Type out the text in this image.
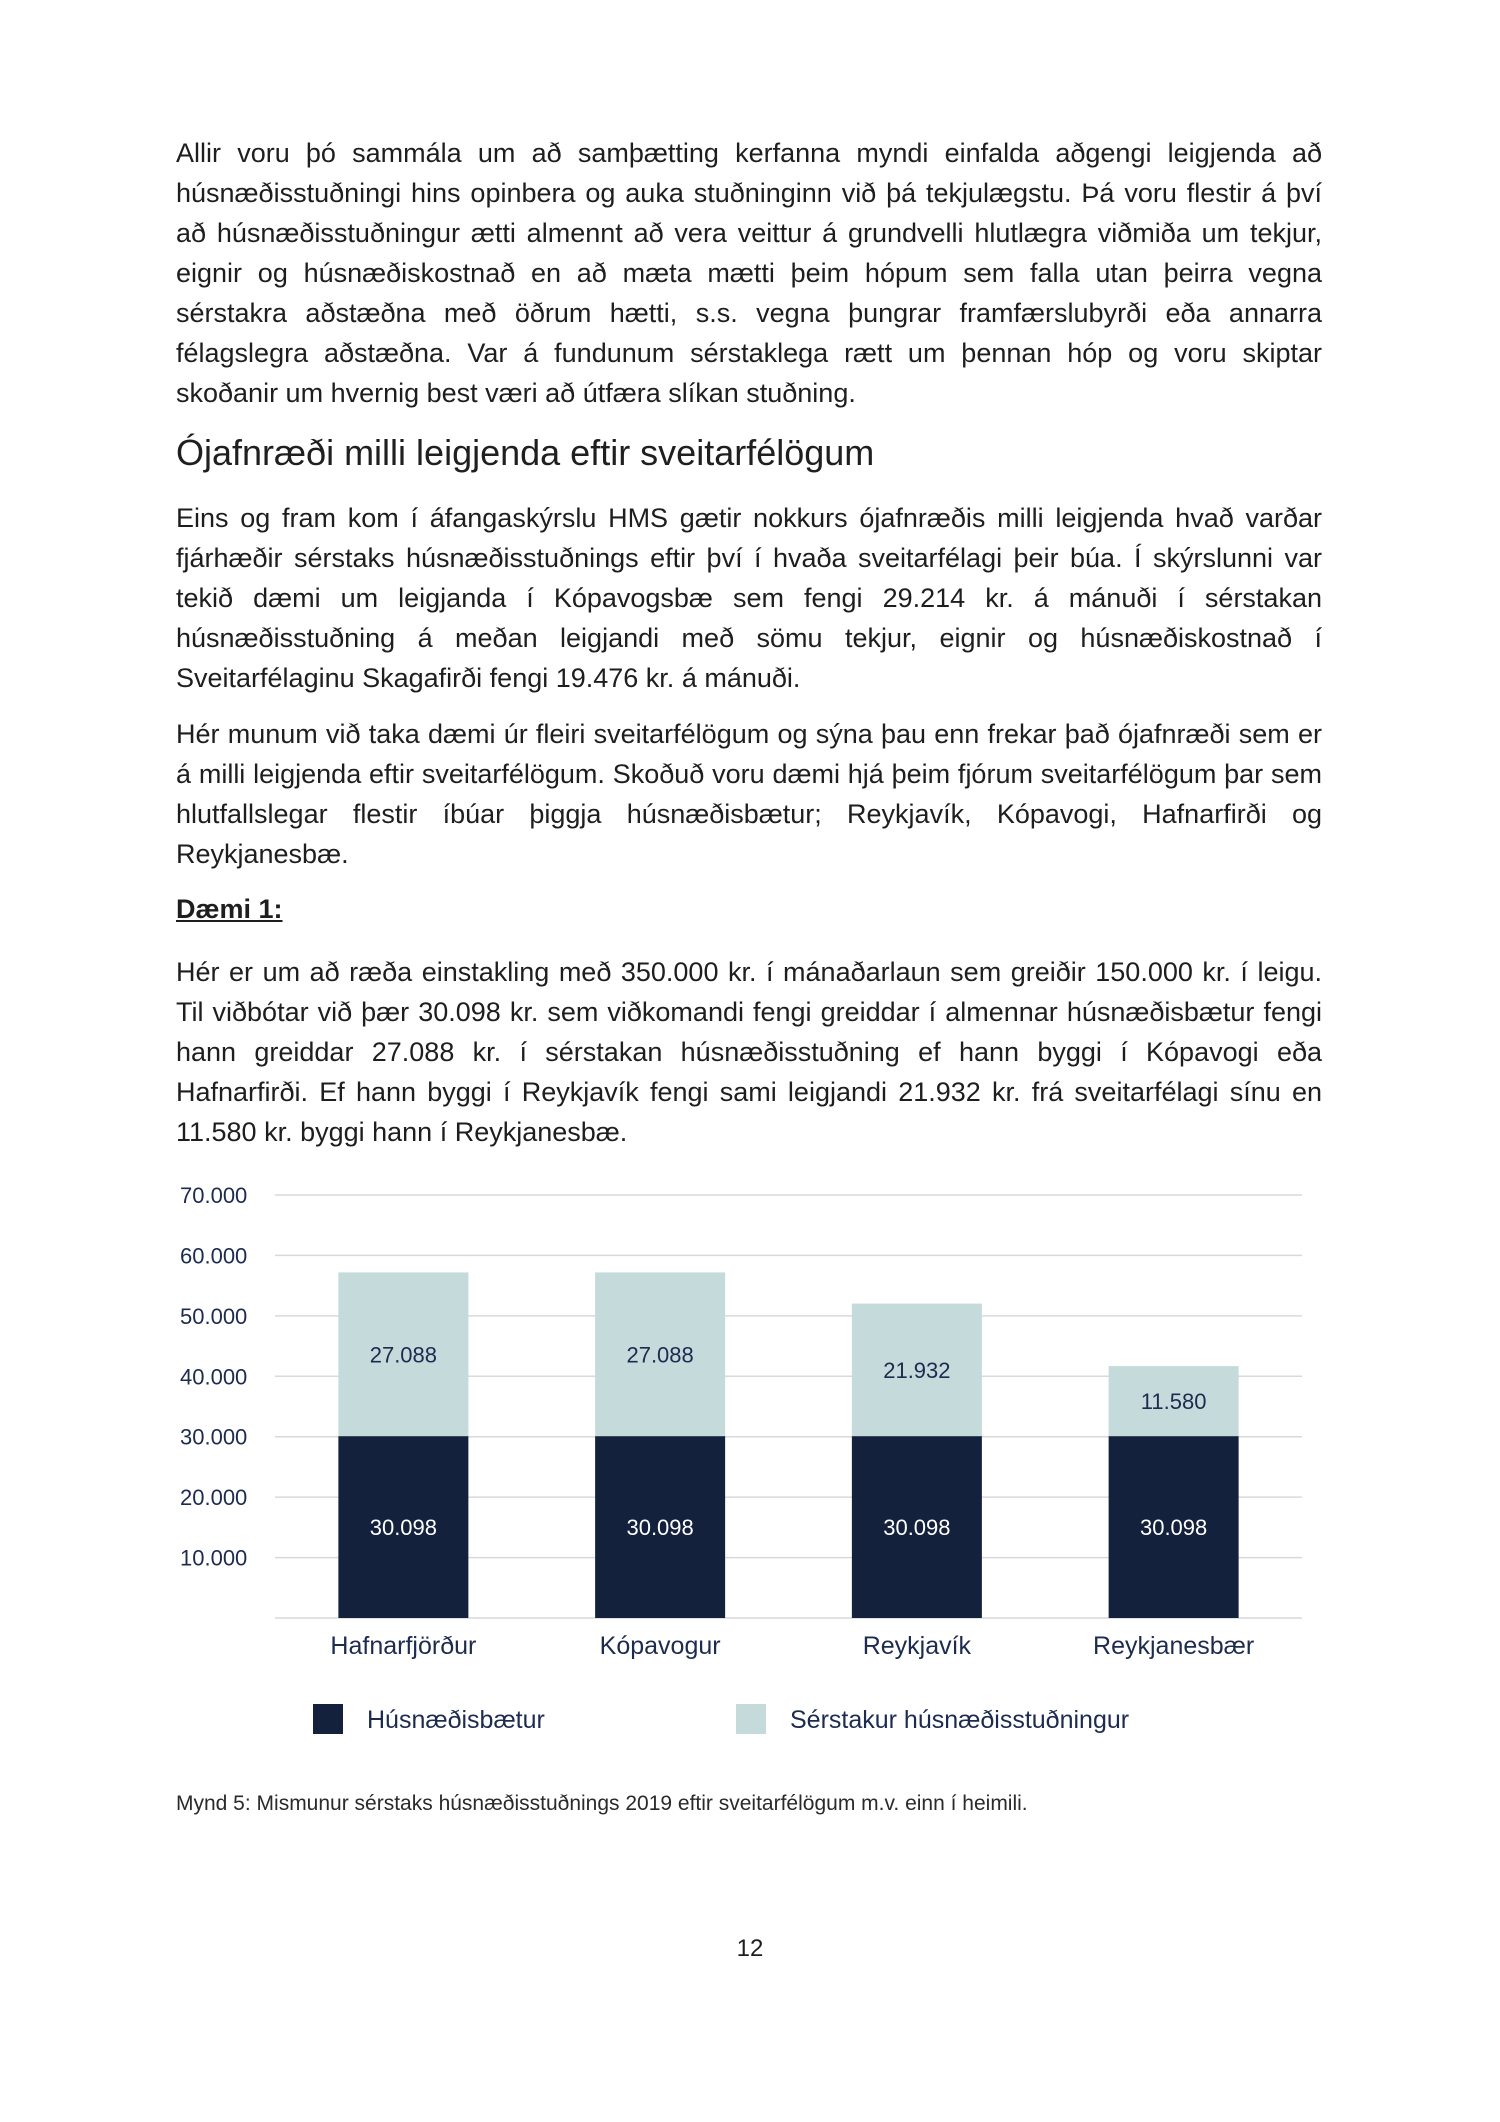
Allir voru þó sammála um að samþætting kerfanna myndi einfalda aðgengi leigjenda að húsnæðisstuðningi hins opinbera og auka stuðninginn við þá tekjulægstu. Þá voru flestir á því að húsnæðisstuðningur ætti almennt að vera veittur á grundvelli hlutlægra viðmiða um tekjur, eignir og húsnæðiskostnað en að mæta mætti þeim hópum sem falla utan þeirra vegna sérstakra aðstæðna með öðrum hætti, s.s. vegna þungrar framfærslubyrði eða annarra félagslegra aðstæðna. Var á fundunum sérstaklega rætt um þennan hóp og voru skiptar skoðanir um hvernig best væri að útfæra slíkan stuðning.

Ójafnræði milli leigjenda eftir sveitarfélögum

Eins og fram kom í áfangaskýrslu HMS gætir nokkurs ójafnræðis milli leigjenda hvað varðar fjárhæðir sérstaks húsnæðisstuðnings eftir því í hvaða sveitarfélagi þeir búa. Í skýrslunni var tekið dæmi um leigjanda í Kópavogsbæ sem fengi 29.214 kr. á mánuði í sérstakan húsnæðisstuðning á meðan leigjandi með sömu tekjur, eignir og húsnæðiskostnað í Sveitarfélaginu Skagafirði fengi 19.476 kr. á mánuði.

Hér munum við taka dæmi úr fleiri sveitarfélögum og sýna þau enn frekar það ójafnræði sem er á milli leigjenda eftir sveitarfélögum. Skoðuð voru dæmi hjá þeim fjórum sveitarfélögum þar sem hlutfallslegar flestir íbúar þiggja húsnæðisbætur; Reykjavík, Kópavogi, Hafnarfirði og Reykjanesbæ.

Dæmi 1:

Hér er um að ræða einstakling með 350.000 kr. í mánaðarlaun sem greiðir 150.000 kr. í leigu. Til viðbótar við þær 30.098 kr. sem viðkomandi fengi greiddar í almennar húsnæðisbætur fengi hann greiddar 27.088 kr. í sérstakan húsnæðisstuðning ef hann byggi í Kópavogi eða Hafnarfirði. Ef hann byggi í Reykjavík fengi sami leigjandi 21.932 kr. frá sveitarfélagi sínu en 11.580 kr. byggi hann í Reykjanesbæ.

10.000
20.000
30.000
40.000
50.000
60.000
70.000
30.098
27.088
Hafnarfjörður
30.098
27.088
Kópavogur
30.098
21.932
Reykjavík
30.098
11.580
Reykjanesbær
Húsnæðisbætur	Sérstakur húsnæðisstuðningur

Mynd 5: Mismunur sérstaks húsnæðisstuðnings 2019 eftir sveitarfélögum m.v. einn í heimili.

12
